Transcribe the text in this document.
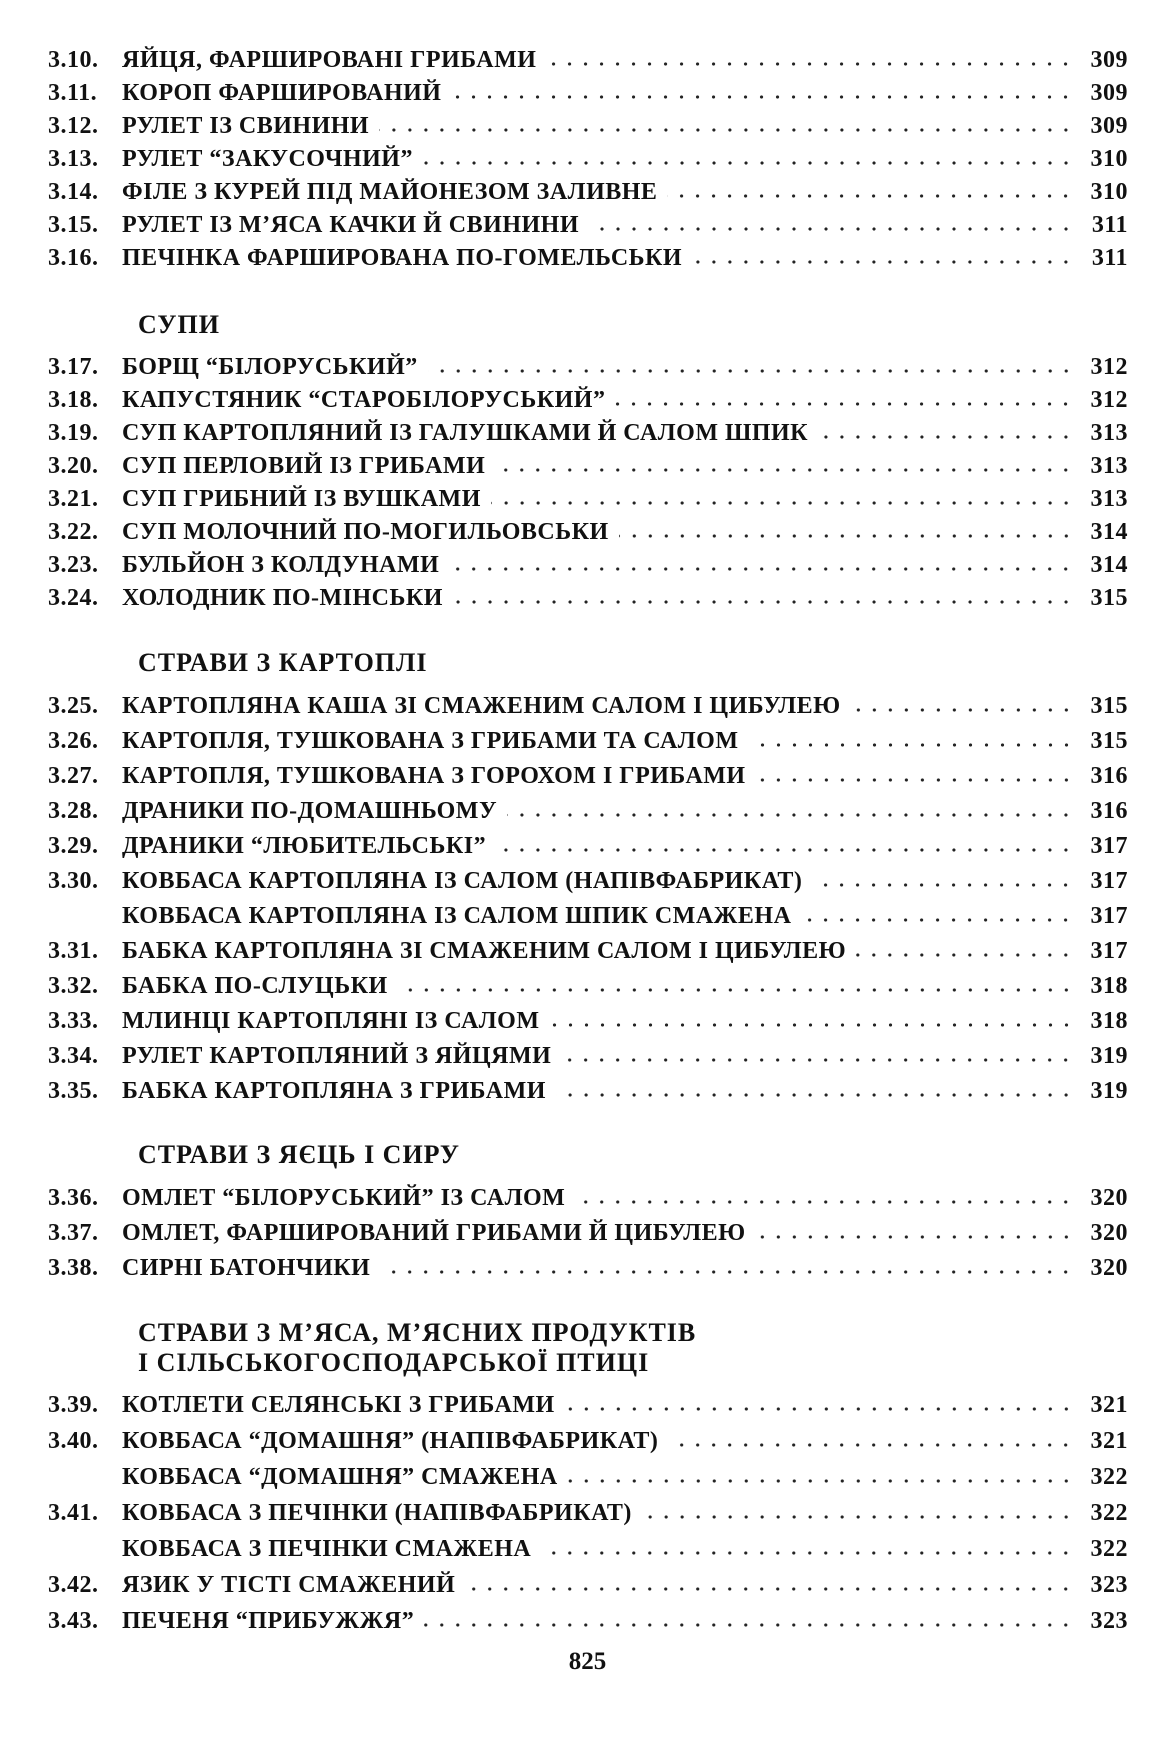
3.10. ЯЙЦЯ, ФАРШИРОВАНІ ГРИБАМИ	309
3.11.	КОРОП ФАРШИРОВАНИЙ	309
3.12. РУЛЕТ ІЗ СВИНИНИ	309
3.13. РУЛЕТ “ЗАКУСОЧНИЙ”	310
3.14. ФІЛЕ З КУРЕЙ ПІД МАЙОНЕЗОМ ЗАЛИВНЕ	310
3.15. РУЛЕТ ІЗ М’ЯСА КАЧКИ Й СВИНИНИ	311
3.16. ПЕЧІНКА ФАРШИРОВАНА ПО-ГОМЕЛЬСЬКИ	311
СУПИ
3.17. БОРЩ “БІЛОРУСЬКИЙ”	312
3.18. КАПУСТЯНИК “СТАРОБІЛОРУСЬКИЙ”	312
3.19. СУП КАРТОПЛЯНИЙ ІЗ ГАЛУШКАМИ Й САЛОМ ШПИК	313
3.20. СУП ПЕРЛОВИЙ ІЗ ГРИБАМИ	313
3.21. СУП ГРИБНИЙ ІЗ ВУШКАМИ	313
3.22. СУП МОЛОЧНИЙ ПО-МОГИЛЬОВСЬКИ	314
3.23. БУЛЬЙОН З КОЛДУНАМИ	314
3.24. ХОЛОДНИК ПО-МІНСЬКИ	315
СТРАВИ З КАРТОПЛІ
3.25. КАРТОПЛЯНА КАША ЗІ СМАЖЕНИМ САЛОМ І ЦИБУЛЕЮ	315
3.26. КАРТОПЛЯ, ТУШКОВАНА З ГРИБАМИ ТА САЛОМ	315
3.27. КАРТОПЛЯ, ТУШКОВАНА З ГОРОХОМ І ГРИБАМИ	316
3.28. ДРАНИКИ ПО-ДОМАШНЬОМУ	316
3.29. ДРАНИКИ “ЛЮБИТЕЛЬСЬКІ”	317
3.30. КОВБАСА КАРТОПЛЯНА ІЗ САЛОМ (НАПІВФАБРИКАТ)	317
КОВБАСА КАРТОПЛЯНА ІЗ САЛОМ ШПИК СМАЖЕНА	317
3.31. БАБКА КАРТОПЛЯНА ЗІ СМАЖЕНИМ САЛОМ І ЦИБУЛЕЮ	317
3.32. БАБКА ПО-СЛУЦЬКИ	318
3.33. МЛИНЦІ КАРТОПЛЯНІ ІЗ САЛОМ	318
3.34. РУЛЕТ КАРТОПЛЯНИЙ З ЯЙЦЯМИ	319
3.35. БАБКА КАРТОПЛЯНА З ГРИБАМИ	319
СТРАВИ З ЯЄЦЬ І СИРУ
3.36. ОМЛЕТ “БІЛОРУСЬКИЙ” ІЗ САЛОМ	320
3.37. ОМЛЕТ, ФАРШИРОВАНИЙ ГРИБАМИ Й ЦИБУЛЕЮ	320
3.38. СИРНІ БАТОНЧИКИ	320
СТРАВИ З М’ЯСА, М’ЯСНИХ ПРОДУКТІВ
І СІЛЬСЬКОГОСПОДАРСЬКОЇ ПТИЦІ
3.39. КОТЛЕТИ СЕЛЯНСЬКІ З ГРИБАМИ	321
3.40. КОВБАСА “ДОМАШНЯ” (НАПІВФАБРИКАТ)	321
КОВБАСА “ДОМАШНЯ” СМАЖЕНА	322
3.41. КОВБАСА З ПЕЧІНКИ (НАПІВФАБРИКАТ)	322
КОВБАСА З ПЕЧІНКИ СМАЖЕНА	322
3.42. ЯЗИК У ТІСТІ СМАЖЕНИЙ	323
3.43. ПЕЧЕНЯ “ПРИБУЖЖЯ”	323
825
